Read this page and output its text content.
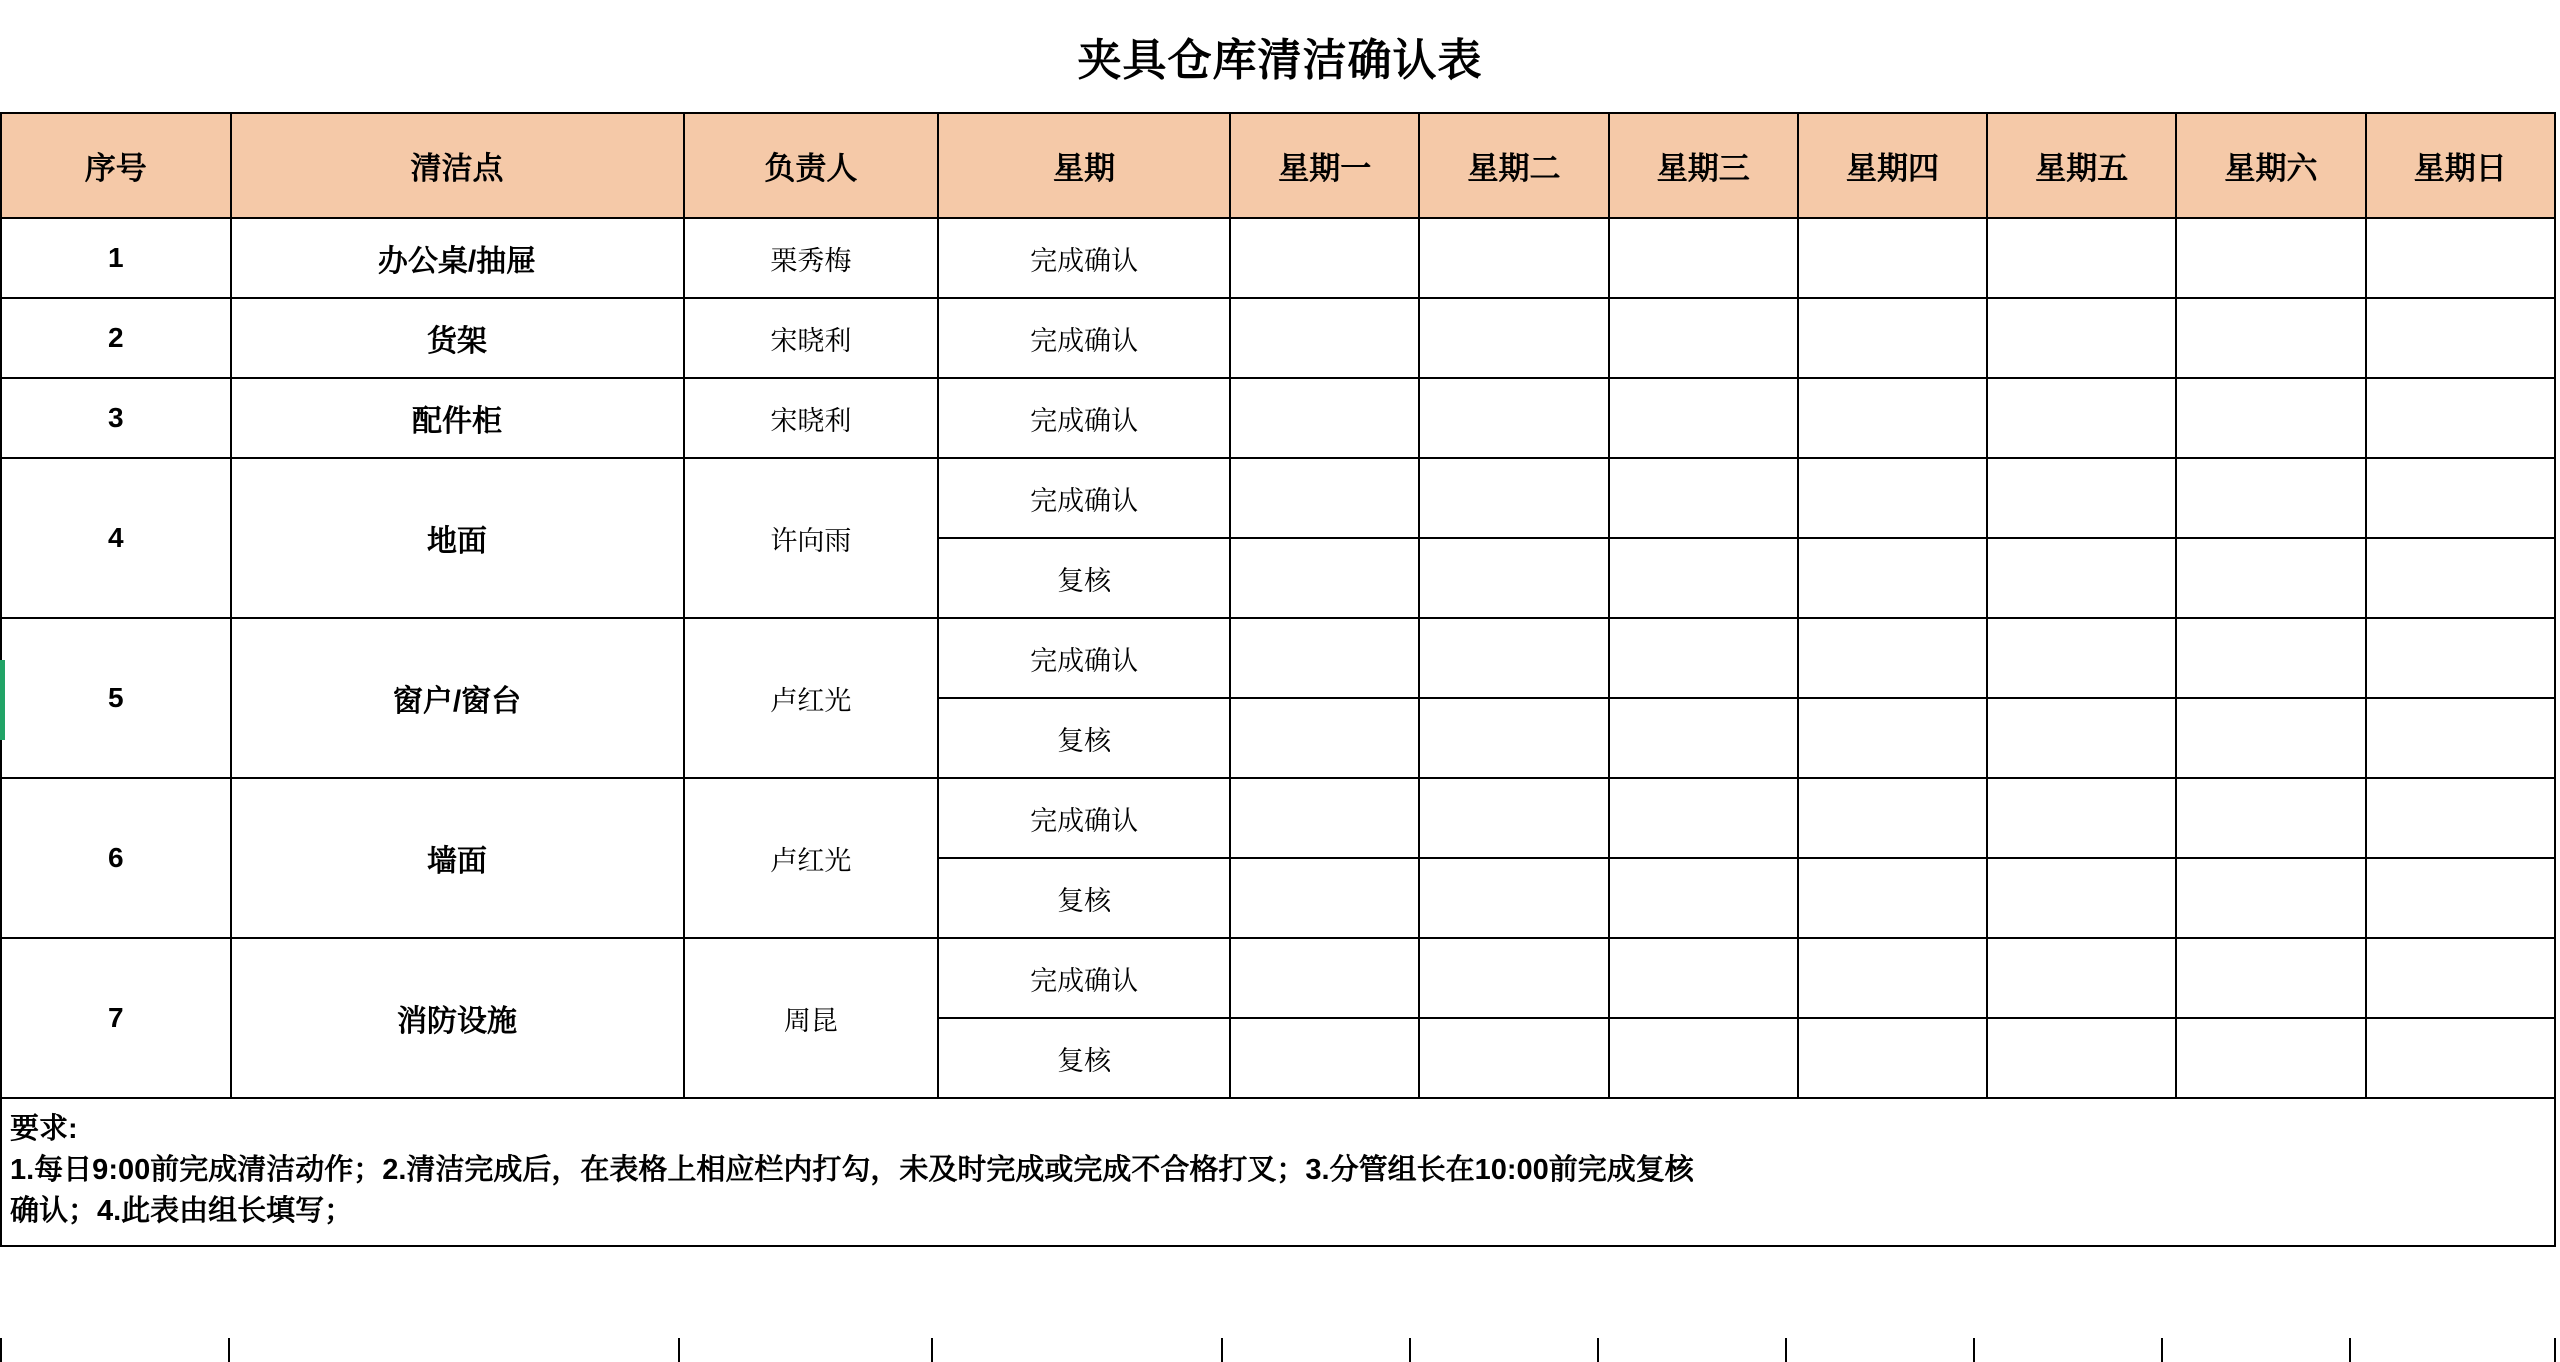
夹具仓库清洁确认表
序号	清洁点	负责人	星期	星期一	星期二	星期三	星期四	星期五	星期六	星期日
1	办公桌/抽屉	栗秀梅	完成确认							
2	货架	宋晓利	完成确认							
3	配件柜	宋晓利	完成确认							
4	地面	许向雨	完成确认							
			复核							
5	窗户/窗台	卢红光	完成确认							
			复核							
6	墙面	卢红光	完成确认							
			复核							
7	消防设施	周昆	完成确认							
			复核							
要求:
1.每日9:00前完成清洁动作；2.清洁完成后，在表格上相应栏内打勾，未及时完成或完成不合格打叉；3.分管组长在10:00前完成复核
确认；4.此表由组长填写；
